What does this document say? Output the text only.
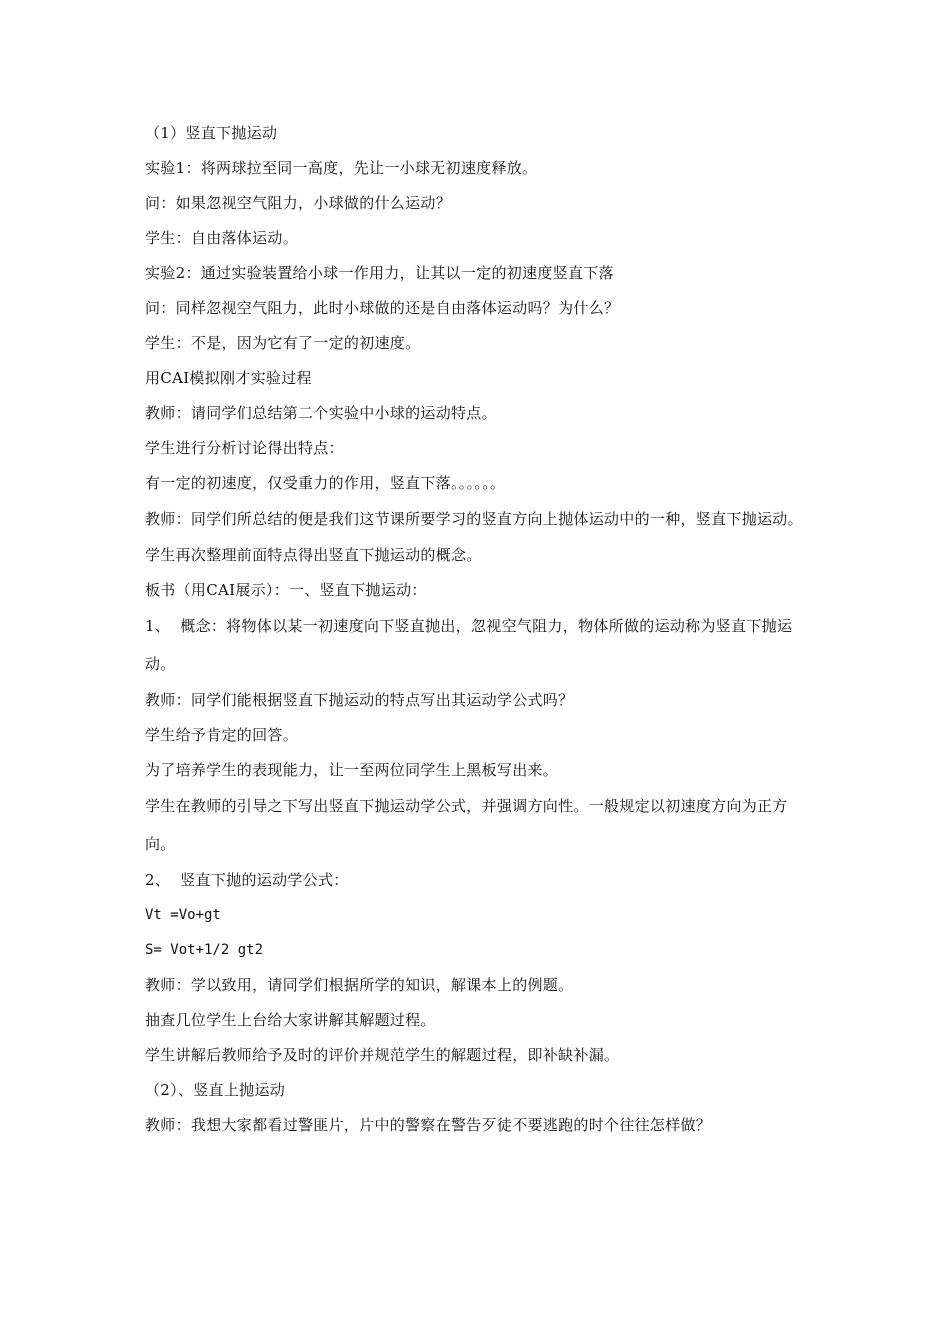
（1）竖直下抛运动

实验1：将两球拉至同一高度，先让一小球无初速度释放。

问：如果忽视空气阻力，小球做的什么运动？

学生：自由落体运动。

实验2：通过实验装置给小球一作用力，让其以一定的初速度竖直下落

问：同样忽视空气阻力，此时小球做的还是自由落体运动吗？为什么？

学生：不是，因为它有了一定的初速度。

用CAI模拟刚才实验过程

教师：请同学们总结第二个实验中小球的运动特点。

学生进行分析讨论得出特点：

有一定的初速度，仅受重力的作用，竖直下落。。。。。。

教师：同学们所总结的便是我们这节课所要学习的竖直方向上抛体运动中的一种，竖直下抛运动。

学生再次整理前面特点得出竖直下抛运动的概念。

板书（用CAI展示）：一、竖直下抛运动：

1、  概念：将物体以某一初速度向下竖直抛出，忽视空气阻力，物体所做的运动称为竖直下抛运动。

教师：同学们能根据竖直下抛运动的特点写出其运动学公式吗？

学生给予肯定的回答。

为了培养学生的表现能力，让一至两位同学生上黑板写出来。

学生在教师的引导之下写出竖直下抛运动学公式，并强调方向性。一般规定以初速度方向为正方向。

2、  竖直下抛的运动学公式：

Vt =Vo+gt

S= Vot+1/2 gt2

教师：学以致用，请同学们根据所学的知识，解课本上的例题。

抽查几位学生上台给大家讲解其解题过程。

学生讲解后教师给予及时的评价并规范学生的解题过程，即补缺补漏。

（2）、竖直上抛运动

教师：我想大家都看过警匪片，片中的警察在警告歹徒不要逃跑的时个往往怎样做？
